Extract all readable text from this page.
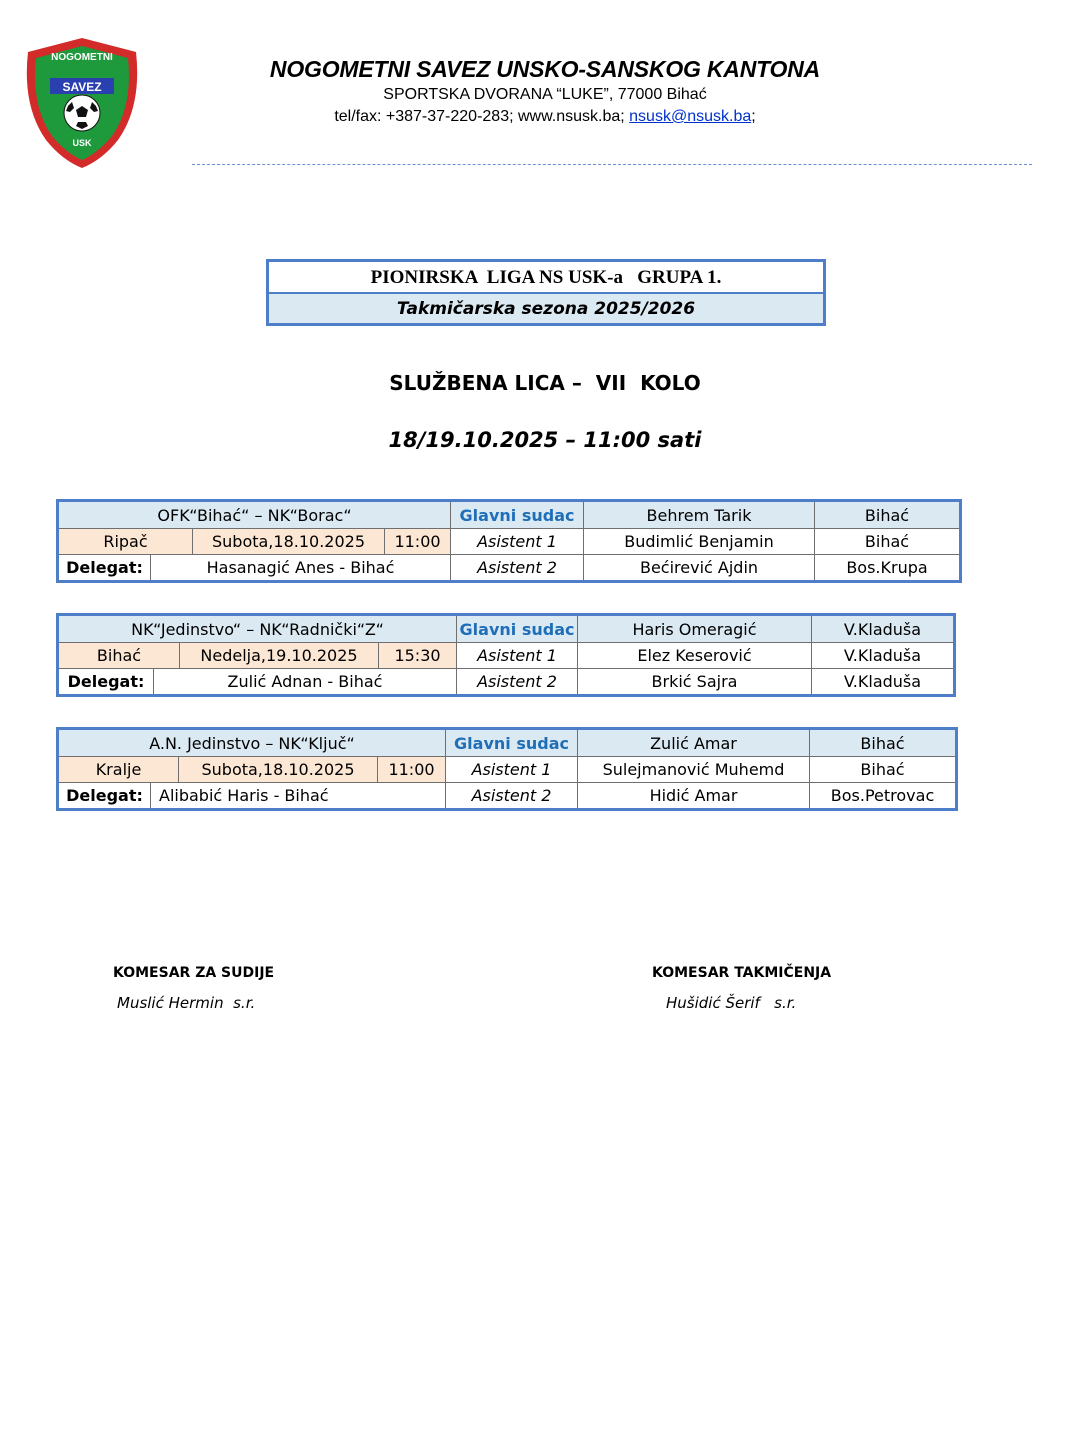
NOGOMETNI
SAVEZ
USK
NOGOMETNI SAVEZ UNSKO-SANSKOG KANTONA
SPORTSKA DVORANA “LUKE”, 77000 Bihać
tel/fax: +387-37-220-283; www.nsusk.ba; nsusk@nsusk.ba;
PIONIRSKA  LIGA NS USK-a   GRUPA 1.
Takmičarska sezona 2025/2026
SLUŽBENA LICA –  VII  KOLO
18/19.10.2025 – 11:00 sati
OFK“Bihać“ – NK“Borac“	Glavni sudac	Behrem Tarik	Bihać
Ripač	Subota,18.10.2025	11:00	Asistent 1	Budimlić Benjamin	Bihać
Delegat:	Hasanagić Anes - Bihać	Asistent 2	Bećirević Ajdin	Bos.Krupa
NK“Jedinstvo“ – NK“Radnički“Z“	Glavni sudac	Haris Omeragić	V.Kladuša
Bihać	Nedelja,19.10.2025	15:30	Asistent 1	Elez Keserović	V.Kladuša
Delegat:	Zulić Adnan - Bihać	Asistent 2	Brkić Sajra	V.Kladuša
A.N. Jedinstvo – NK“Ključ“	Glavni sudac	Zulić Amar	Bihać
Kralje	Subota,18.10.2025	11:00	Asistent 1	Sulejmanović Muhemd	Bihać
Delegat:	Alibabić Haris - Bihać	Asistent 2	Hidić Amar	Bos.Petrovac
KOMESAR ZA SUDIJE
Muslić Hermin  s.r.
KOMESAR TAKMIČENJA
Hušidić Šerif   s.r.
